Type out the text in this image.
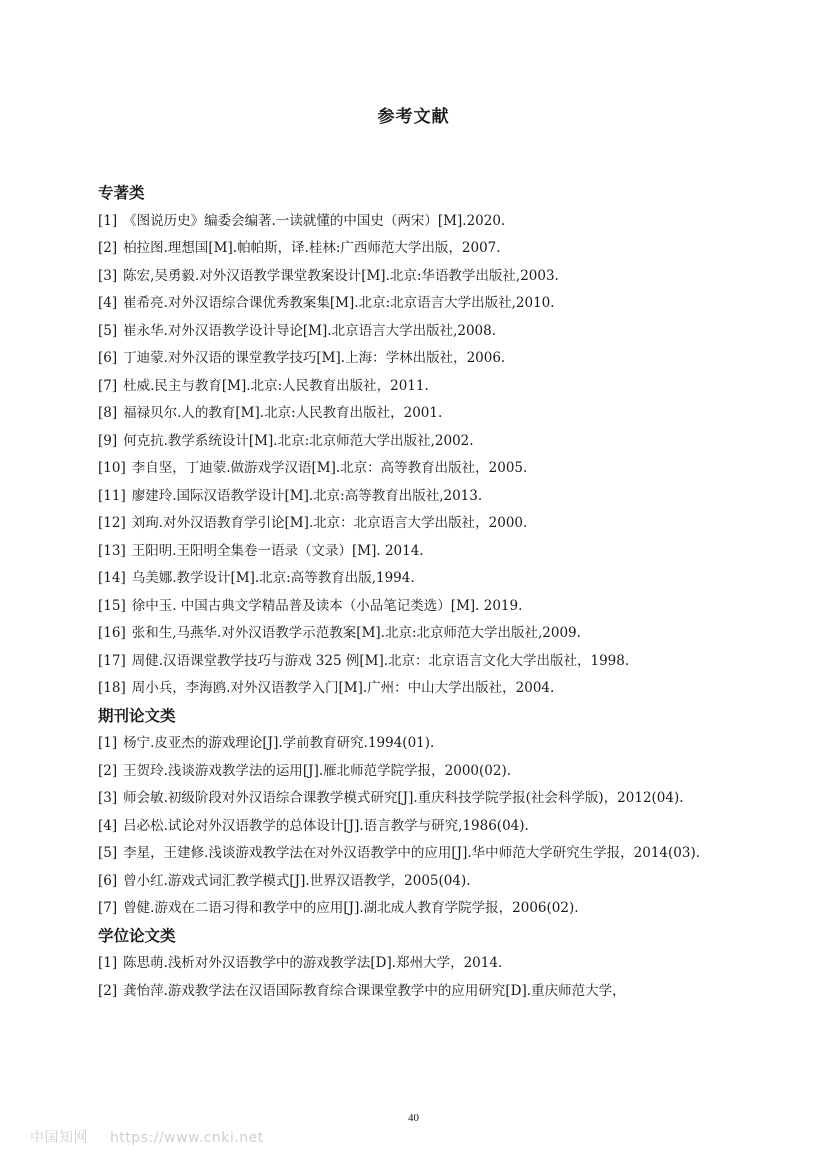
参考文献
专著类
[1] 《图说历史》编委会编著.一读就懂的中国史（两宋）[M].2020.
[2] 柏拉图.理想国[M].帕帕斯，译.桂林:广西师范大学出版，2007.
[3] 陈宏,吴勇毅.对外汉语教学课堂教案设计[M].北京:华语教学出版社,2003.
[4] 崔希亮.对外汉语综合课优秀教案集[M].北京:北京语言大学出版社,2010.
[5] 崔永华.对外汉语教学设计导论[M].北京语言大学出版社,2008.
[6] 丁迪蒙.对外汉语的课堂教学技巧[M].上海：学林出版社，2006.
[7] 杜威.民主与教育[M].北京:人民教育出版社，2011.
[8] 福禄贝尔.人的教育[M].北京:人民教育出版社，2001.
[9] 何克抗.教学系统设计[M].北京:北京师范大学出版社,2002.
[10] 李自坚，丁迪蒙.做游戏学汉语[M].北京：高等教育出版社，2005.
[11] 廖建玲.国际汉语教学设计[M].北京:高等教育出版社,2013.
[12] 刘珣.对外汉语教育学引论[M].北京：北京语言大学出版社，2000.
[13] 王阳明.王阳明全集卷一语录（文录）[M]. 2014.
[14] 乌美娜.教学设计[M].北京:高等教育出版,1994.
[15] 徐中玉. 中国古典文学精品普及读本（小品笔记类选）[M]. 2019.
[16] 张和生,马燕华.对外汉语教学示范教案[M].北京:北京师范大学出版社,2009.
[17] 周健.汉语课堂教学技巧与游戏 325 例[M].北京：北京语言文化大学出版社，1998.
[18] 周小兵，李海鸥.对外汉语教学入门[M].广州：中山大学出版社，2004.
期刊论文类
[1] 杨宁.皮亚杰的游戏理论[J].学前教育研究.1994(01).
[2] 王贺玲.浅谈游戏教学法的运用[J].雁北师范学院学报，2000(02).
[3] 师会敏.初级阶段对外汉语综合课教学模式研究[J].重庆科技学院学报(社会科学版)，2012(04).
[4] 吕必松.试论对外汉语教学的总体设计[J].语言教学与研究,1986(04).
[5] 李星，王建修.浅谈游戏教学法在对外汉语教学中的应用[J].华中师范大学研究生学报，2014(03).
[6] 曾小红.游戏式词汇教学模式[J].世界汉语教学，2005(04).
[7] 曾健.游戏在二语习得和教学中的应用[J].湖北成人教育学院学报，2006(02).
学位论文类
[1] 陈思萌.浅析对外汉语教学中的游戏教学法[D].郑州大学，2014.
[2] 龚怡萍.游戏教学法在汉语国际教育综合课课堂教学中的应用研究[D].重庆师范大学，
40
中国知网 https://www.cnki.net
